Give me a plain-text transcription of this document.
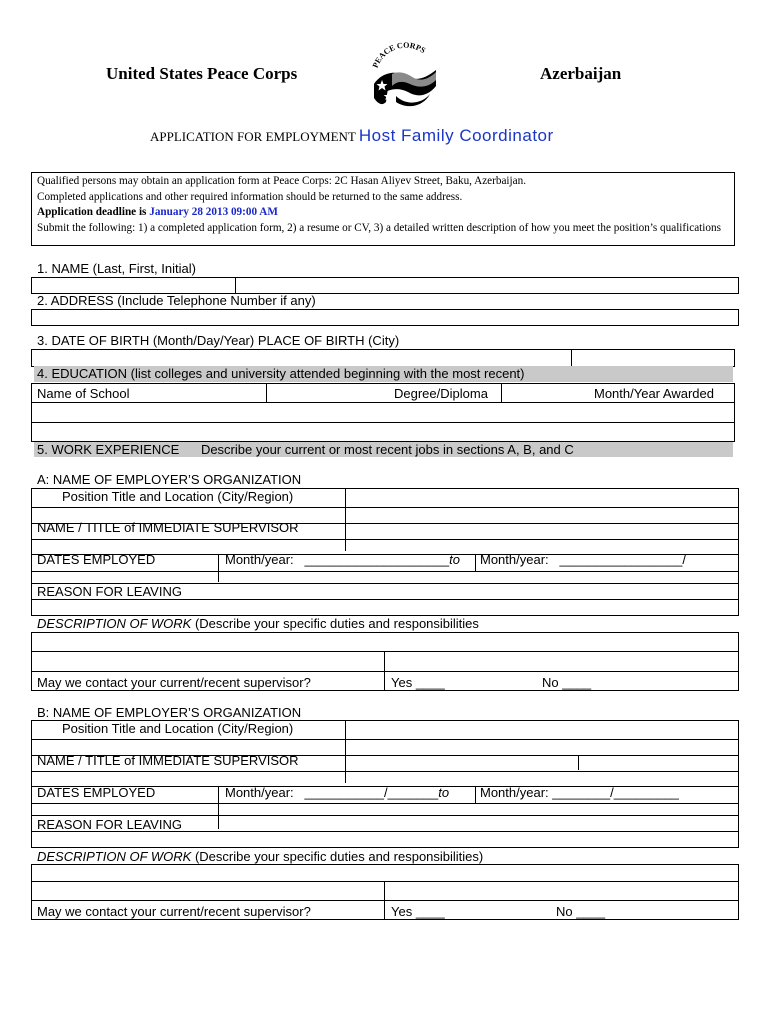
United States Peace Corps	Azerbaijan
PEACE CORPS
APPLICATION FOR EMPLOYMENT Host Family Coordinator
Qualified persons may obtain an application form at Peace Corps: 2C Hasan Aliyev Street, Baku, Azerbaijan.
Completed applications and other required information should be returned to the same address.
Application deadline is January 28 2013 09:00 AM
Submit the following: 1) a completed application form, 2) a resume or CV, 3) a detailed written description of how you meet the position’s qualifications
1. NAME (Last, First, Initial)
2. ADDRESS (Include Telephone Number if any)
3. DATE OF BIRTH (Month/Day/Year) PLACE OF BIRTH (City)
4. EDUCATION (list colleges and university attended beginning with the most recent)
Name of School	Degree/Diploma	Month/Year Awarded
5. WORK EXPERIENCE Describe your current or most recent jobs in sections A, B, and C
A: NAME OF EMPLOYER’S ORGANIZATION
Position Title and Location (City/Region)
NAME / TITLE of IMMEDIATE SUPERVISOR
DATES EMPLOYED	Month/year: ____________________to Month/year: _________________/
REASON FOR LEAVING
DESCRIPTION OF WORK (Describe your specific duties and responsibilities
May we contact your current/recent supervisor?	Yes ____	No ____
B: NAME OF EMPLOYER’S ORGANIZATION
Position Title and Location (City/Region)
NAME / TITLE of IMMEDIATE SUPERVISOR
DATES EMPLOYED	Month/year: ___________/_______to Month/year: ________/_________
REASON FOR LEAVING
DESCRIPTION OF WORK (Describe your specific duties and responsibilities)
May we contact your current/recent supervisor?	Yes ____	No ____
